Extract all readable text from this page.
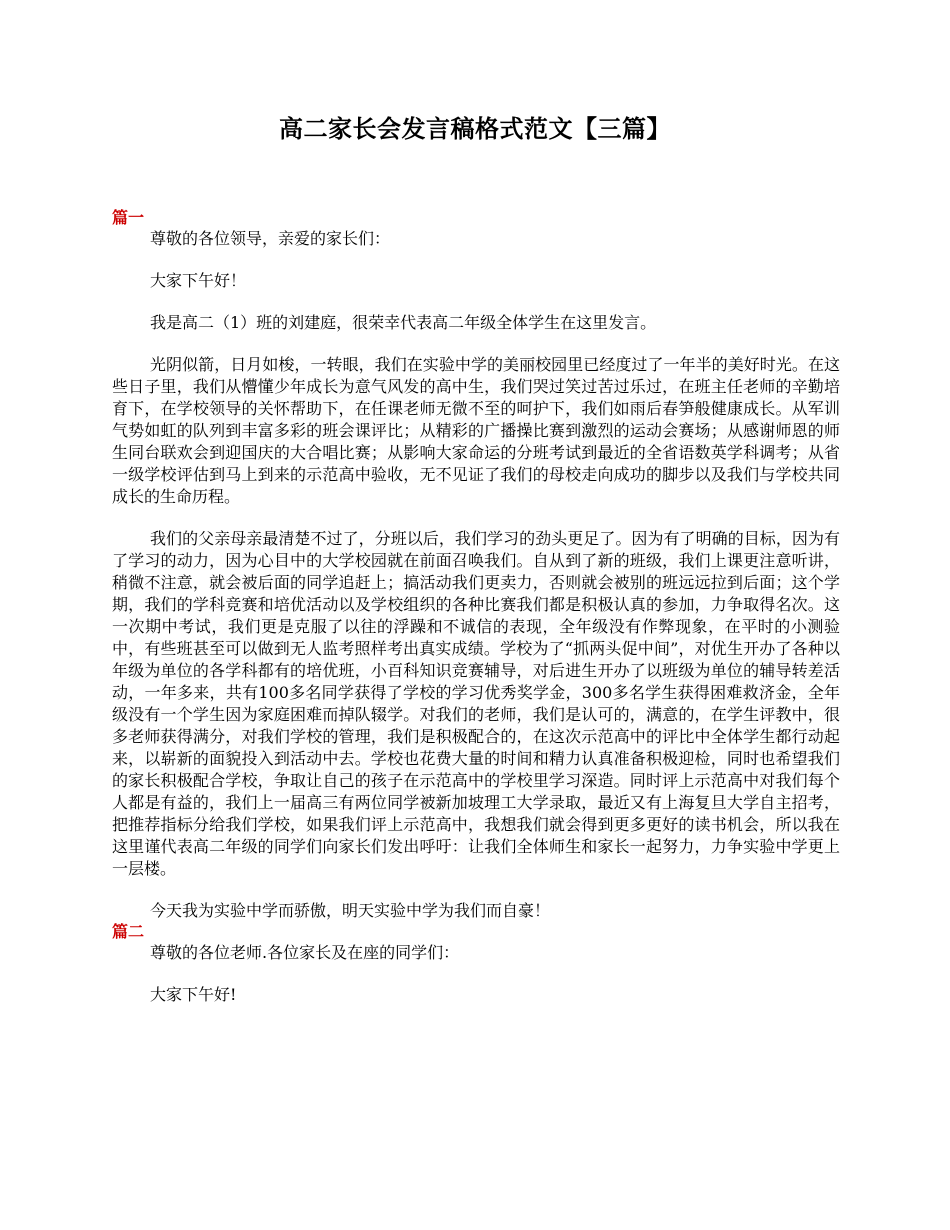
高二家长会发言稿格式范文【三篇】

篇一

尊敬的各位领导，亲爱的家长们：

大家下午好！

我是高二（1）班的刘建庭，很荣幸代表高二年级全体学生在这里发言。

光阴似箭，日月如梭，一转眼，我们在实验中学的美丽校园里已经度过了一年半的美好时光。在这些日子里，我们从懵懂少年成长为意气风发的高中生，我们哭过笑过苦过乐过，在班主任老师的辛勤培育下，在学校领导的关怀帮助下，在任课老师无微不至的呵护下，我们如雨后春笋般健康成长。从军训气势如虹的队列到丰富多彩的班会课评比；从精彩的广播操比赛到激烈的运动会赛场；从感谢师恩的师生同台联欢会到迎国庆的大合唱比赛；从影响大家命运的分班考试到最近的全省语数英学科调考；从省一级学校评估到马上到来的示范高中验收，无不见证了我们的母校走向成功的脚步以及我们与学校共同成长的生命历程。

我们的父亲母亲最清楚不过了，分班以后，我们学习的劲头更足了。因为有了明确的目标，因为有了学习的动力，因为心目中的大学校园就在前面召唤我们。自从到了新的班级，我们上课更注意听讲，稍微不注意，就会被后面的同学追赶上；搞活动我们更卖力，否则就会被别的班远远拉到后面；这个学期，我们的学科竞赛和培优活动以及学校组织的各种比赛我们都是积极认真的参加，力争取得名次。这一次期中考试，我们更是克服了以往的浮躁和不诚信的表现，全年级没有作弊现象，在平时的小测验中，有些班甚至可以做到无人监考照样考出真实成绩。学校为了“抓两头促中间”，对优生开办了各种以年级为单位的各学科都有的培优班，小百科知识竞赛辅导，对后进生开办了以班级为单位的辅导转差活动，一年多来，共有100多名同学获得了学校的学习优秀奖学金，300多名学生获得困难救济金，全年级没有一个学生因为家庭困难而掉队辍学。对我们的老师，我们是认可的，满意的，在学生评教中，很多老师获得满分，对我们学校的管理，我们是积极配合的，在这次示范高中的评比中全体学生都行动起来，以崭新的面貌投入到活动中去。学校也花费大量的时间和精力认真准备积极迎检，同时也希望我们的家长积极配合学校，争取让自己的孩子在示范高中的学校里学习深造。同时评上示范高中对我们每个人都是有益的，我们上一届高三有两位同学被新加坡理工大学录取，最近又有上海复旦大学自主招考，把推荐指标分给我们学校，如果我们评上示范高中，我想我们就会得到更多更好的读书机会，所以我在这里谨代表高二年级的同学们向家长们发出呼吁：让我们全体师生和家长一起努力，力争实验中学更上一层楼。

今天我为实验中学而骄傲，明天实验中学为我们而自豪！

篇二

尊敬的各位老师.各位家长及在座的同学们：

大家下午好!
